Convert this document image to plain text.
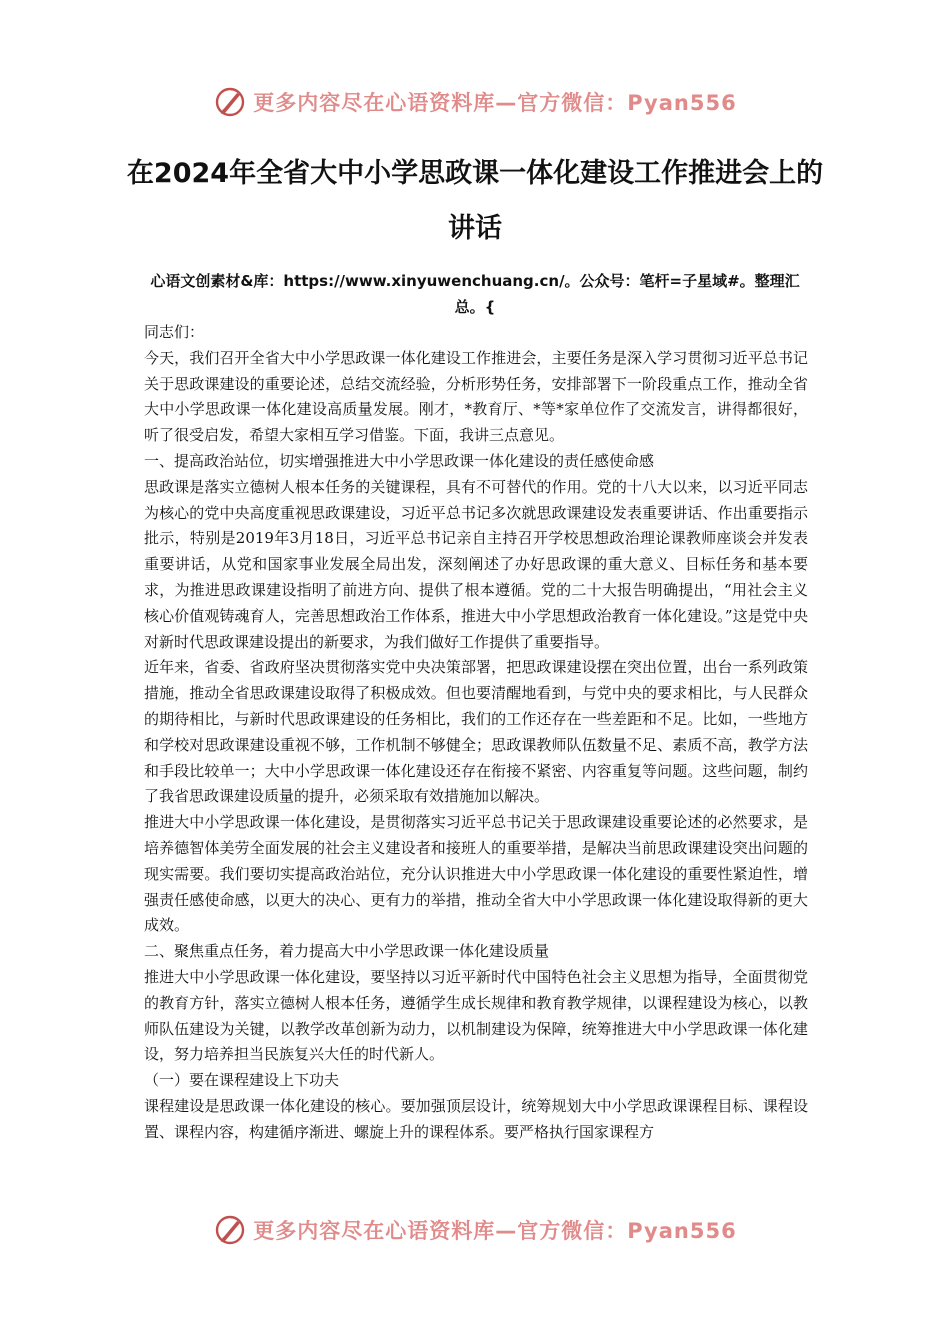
更多内容尽在心语资料库—官方微信：Pyan556
在2024年全省大中小学思政课一体化建设工作推进会上的讲话

心语文创素材&库：https://www.xinyuwenchuang.cn/。公众号：笔杆=子星域#。整理汇总。{

同志们：

今天，我们召开全省大中小学思政课一体化建设工作推进会，主要任务是深入学习贯彻习近平总书记关于思政课建设的重要论述，总结交流经验，分析形势任务，安排部署下一阶段重点工作，推动全省大中小学思政课一体化建设高质量发展。刚才，*教育厅、*等*家单位作了交流发言，讲得都很好，听了很受启发，希望大家相互学习借鉴。下面，我讲三点意见。

一、提高政治站位，切实增强推进大中小学思政课一体化建设的责任感使命感

思政课是落实立德树人根本任务的关键课程，具有不可替代的作用。党的十八大以来，以习近平同志为核心的党中央高度重视思政课建设，习近平总书记多次就思政课建设发表重要讲话、作出重要指示批示，特别是2019年3月18日，习近平总书记亲自主持召开学校思想政治理论课教师座谈会并发表重要讲话，从党和国家事业发展全局出发，深刻阐述了办好思政课的重大意义、目标任务和基本要求，为推进思政课建设指明了前进方向、提供了根本遵循。党的二十大报告明确提出，“用社会主义核心价值观铸魂育人，完善思想政治工作体系，推进大中小学思想政治教育一体化建设。”这是党中央对新时代思政课建设提出的新要求，为我们做好工作提供了重要指导。

近年来，省委、省政府坚决贯彻落实党中央决策部署，把思政课建设摆在突出位置，出台一系列政策措施，推动全省思政课建设取得了积极成效。但也要清醒地看到，与党中央的要求相比，与人民群众的期待相比，与新时代思政课建设的任务相比，我们的工作还存在一些差距和不足。比如，一些地方和学校对思政课建设重视不够，工作机制不够健全；思政课教师队伍数量不足、素质不高，教学方法和手段比较单一；大中小学思政课一体化建设还存在衔接不紧密、内容重复等问题。这些问题，制约了我省思政课建设质量的提升，必须采取有效措施加以解决。

推进大中小学思政课一体化建设，是贯彻落实习近平总书记关于思政课建设重要论述的必然要求，是培养德智体美劳全面发展的社会主义建设者和接班人的重要举措，是解决当前思政课建设突出问题的现实需要。我们要切实提高政治站位，充分认识推进大中小学思政课一体化建设的重要性紧迫性，增强责任感使命感，以更大的决心、更有力的举措，推动全省大中小学思政课一体化建设取得新的更大成效。

二、聚焦重点任务，着力提高大中小学思政课一体化建设质量

推进大中小学思政课一体化建设，要坚持以习近平新时代中国特色社会主义思想为指导，全面贯彻党的教育方针，落实立德树人根本任务，遵循学生成长规律和教育教学规律，以课程建设为核心，以教师队伍建设为关键，以教学改革创新为动力，以机制建设为保障，统筹推进大中小学思政课一体化建设，努力培养担当民族复兴大任的时代新人。

（一）要在课程建设上下功夫

课程建设是思政课一体化建设的核心。要加强顶层设计，统筹规划大中小学思政课课程目标、课程设置、课程内容，构建循序渐进、螺旋上升的课程体系。要严格执行国家课程方

更多内容尽在心语资料库—官方微信：Pyan556
